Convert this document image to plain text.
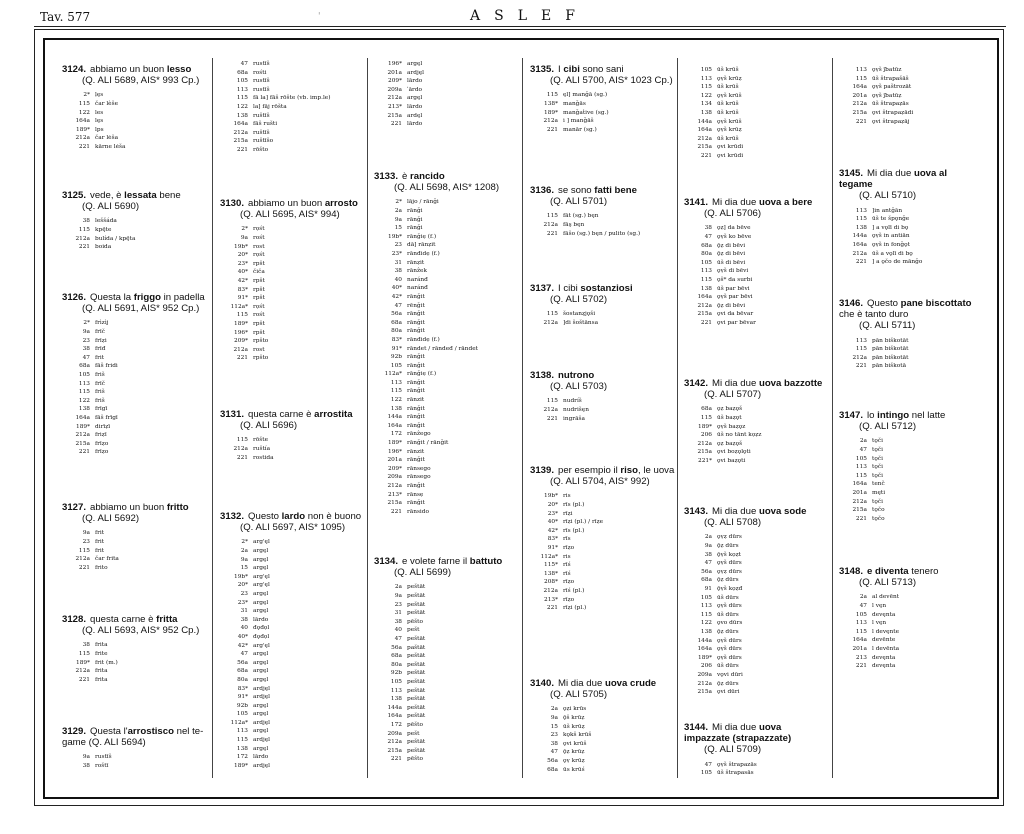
Tav. 577	'	ASLEF
3124. abbiamo un buon lesso
(Q. ALI 5689, AIS* 993 Cp.)
2* ḷęs
115 čar lèše
122 les
164a lęs
189* lps
212a čar lėša
221 kārne lėša
3125. vede, è lessata bene
(Q. ALI 5690)
38 leššáda
115 kpę̄te
212a bulída / kpę̄ta
221 boida
3126. Questa la friggo in padella
(Q. ALI 5691, AIS* 952 Cp.)
2* frìzìj
9a frīč
23 frīẓi
38 frīđ
47 frit
68a fāš fridi
105 friš
113 frīč
115 friš
122 friš
138 frīgī
164a fāš frīgī
189* dirīẓī
212a friẓī
215a frīẓo
221 frīẓo
3127. abbiamo un buon fritto
(Q. ALI 5692)
9a frit
23 frit
115 frit
212a čar frita
221 frito
3128. questa carne è fritta
(Q. ALI 5693, AIS* 952 Cp.)
38 frita
115 frite
189* frit (m.)
212a frita
221 frita
3129. Questa l'arrostisco nel te-game (Q. ALI 5694)
9a rustīš
38 roštī
47 rustīš
68a rośti
105 rustīš
113 rustīš
115 fā la] fāš rōšte (vb. imp.le)
122 la] fāj rōšta
138 ruštīš
164a fāš rušti
212a ruštīš
215a ruštīšo
221 rōšto
3130. abbiamo un buon arrosto
(Q. ALI 5695, AIS* 994)
2* rọśt
9a rośt
19b* rost
20* rọśt
23* rpšt
40* čiča
42* rpšt
83* rpšt
91* rpšt
112a* rọśt
115 rośt
189* rpšt
196* rpšt
209* rpšto
212a rost
221 rpšto
3131. questa carne è arrostita
(Q. ALI 5696)
115 rōšte
212a ruštía
221 rostida
3132. Questo lardo non è buono
(Q. ALI 5697, AIS* 1095)
2* arg'ęl
2a argęl
9a argęl
15 argęl
19b* arg'ęl
20* arg'ęl
23 argęl
23* argęl
31 argęl
38 lārdo
40 đǫđọl
40* đǫđọl
42* arg'ęl
47 argęl
56a argęl
68a argęl
80a argęl
83* ardjęl
91* ardjęl
92b argęl
105 argęl
112a* ardjęl
113 argęl
115 ardjęl
138 argęl
172 lārdo
189* ardjęl
196* argęl
201a ardjęl
209* lārdo
209a ˈārdo
212a argęl
213* lārdo
215a ardęl
221 lārdo
3133. è rancido
(Q. ALI 5698, AIS* 1208)
2* lājo / rānǧi
2a rānǧi
9a rānǧi
15 rānǧi
19b* rānǧiẹ (f.)
23 dā] rānẓit
23* rānđidẹ (f.)
31 rānẓit
38 rānẑek
40 naránđ
40* naránđ
42* rānǧit
47 rēnǧit
56a rānǧit
68a rānǧit
80a rānǧit
83* rānđidẹ (f.)
91* rāndet / rāndeđ / rāndet
92b rānǧit
105 rānǧit
112a* rānǧiẹ (f.)
113 rānǧit
115 rānǧit
122 rānzit
138 rānǧit
144a rānǧit
164a rānǧit
172 rānẑego
189* rānǧit / rānǧit
196* rānzit
201a rānǧit
209* rānsego
209a rānsego
212a rānǧit
213* rānsẹ
215a rānǧit
221 rānsido
3134. e volete farne il battuto
(Q. ALI 5699)
2a peštāt
9a peštāt
23 peštāt
31 peštāt
38 pēšto
40 pešt
47 peštāt
56a paštāt
68a peštāt
80a peštāt
92b peštāt
105 peštāt
113 peštāt
138 peštāt
144a peštāt
164a peštāt
172 pēšto
209a pešt
212a peštāt
215a peštāt
221 pēšto
3135. I cibi sono sani
(Q. ALI 5700, AIS* 1023 Cp.)
115 ęl] manǧā (sg.)
138* manǧās
189* manǧaṫive (sg.)
212a i ] manǧāš
221 manār (sg.)
3136. se sono fatti bene
(Q. ALI 5701)
115 fāt (sg.) bęn
212a fāş bęn
221 fāšo (sg.) bęn / pulito (sg.)
3137. I cibi sostanziosi
(Q. ALI 5702)
115 šostanẓjǫši
212a ]di šoštānsa
3138. nutrono
(Q. ALI 5703)
115 nudríš
212a nudrišęn
221 ingrāša
3139. per esempio il riso, le uova
(Q. ALI 5704, AIS* 992)
19b* ris
20* rīs (pl.)
23* rīẓi
40* rīẓi (pl.) / rīẓe
42* rīs (pl.)
83* rīs
91* rīẓo
112a* ris
115* rīś
138* rīś
208* rīẓo
212a rīś (pl.)
213* rīẓo
221 rīẓi (pl.)
3140. Mi dia due uova crude
(Q. ALI 5705)
2a ǫẓi krūs
9a ǭš krūẓ
15 ūš krūẓ
23 kǫkš krūš
38 ǫvi krūš
47 ǭẓ krūẓ
56a ǫṿ krūẓ
68a ūs krūś
105 ūš krūš
113 ǫṿš krūẓ
115 ūš krūš
122 ǫṿš krūš
134 ūš krūš
138 ūš krūš
144a ǫṿš krūš
164a ǫṿš krūẓ
212a ūš krūš
215a ǫvi krūdi
221 ǫvi krūdi
3141. Mi dia due uova a bere
(Q. ALI 5706)
38 ǫẓ] da bēve
47 ǫṿš ko bēve
68a ǭẓ di bēvi
80a ǭẓ di bēvi
105 ūš di bēvi
113 ǫṿš di bēvi
115 ǫš* da surbi
138 ūš par bēvi
164a ǫṿš par bēvi
212a ǭẓ di bēvi
215a ǫvi da bēvar
221 ǫvi par bēvar
3142. Mi dia due uova bazzotte
(Q. ALI 5707)
68a ǫẓ baẓǫš
115 ūš baẓǫt
189* ǫṿš baẓǫz
206 ūš no tānt kọẓz
212a ǫẓ baẓǫš
215a ǫvi boẓǫlǫti
221* ǫvi baẓǫti
3143. Mi dia due uova sode
(Q. ALI 5708)
2a ǫṿẓ dūrs
9a ǭẓ dūrs
38 ǭṿš kọẓt
47 ǫṿš dūrs
56a ǫṿẓ dūrs
68a ǭẓ dūrs
91 ǭṿš kọẓđ
105 ūš dūrs
113 ǫṿš dūrs
115 ūš dūrs
122 ǫvo dūrs
138 ǭẓ dūrs
144a ǫṿš dūrs
164a ǫṿš dūrs
189* ǫṿš dūrs
206 ūš dūrs
209a vǫvi dūri
212a ǭẓ dūrs
215a ǫvi dūri
3144. Mi dia due uova impazzate (strapazzate)
(Q. ALI 5709)
47 ǫṿš štrapazās
105 ūš štrapasās
113 ǫṿš ʃbatūz
115 ūš štrapašāš
164a ǫṿš paštrozāt
201a ǫṿš ʃbatūẓ
212a ūš štrapaẓās
215a ǫvi štrapaẓādi
221 ǫvi štrapaẓāj
3145. Mi dia due uova al tegame
(Q. ALI 5710)
113 ]in antǧān
115 ūš te špǫnǧe
138 ] a vǫlī di bǫ
144a ǫṿš in antiān
164a ǫṿš in fonǧǫt
212a ūš a vǫlī di bǫ
221 ] a ǫčo de mānǧo
3146. Questo pane biscottato che è tanto duro
(Q. ALI 5711)
113 pān biškotāt
115 pān biškotāt
212a pān biškotāt
221 pān biškotā
3147. lo intingo nel latte
(Q. ALI 5712)
2a tǫči
47 tǫči
105 tǫči
113 tǫči
115 tǫči
164a tenč
201a męti
212a tǫči
215a tǫčo
221 tǫčo
3148. e diventa tenero
(Q. ALI 5713)
2a al devēnt
47 l vęn
105 devęnta
113 l vęn
115 l devęnte
164a devēnte
201a l devēnta
213 devęnta
221 devęnta
